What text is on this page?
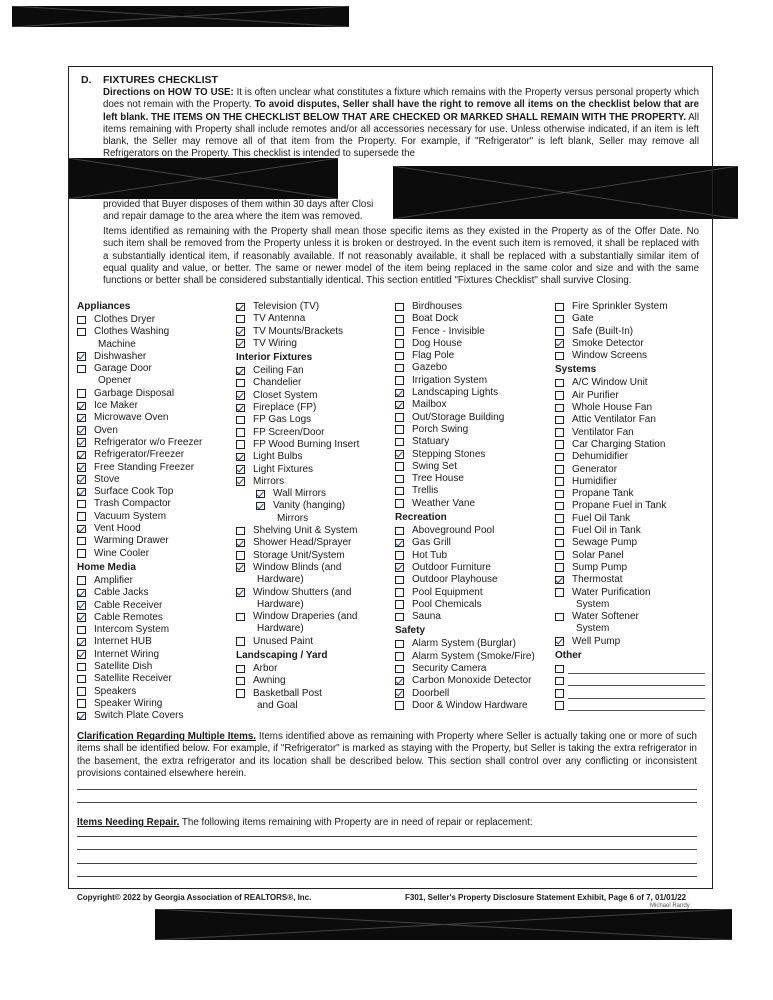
D. FIXTURES CHECKLIST

Directions on HOW TO USE: It is often unclear what constitutes a fixture which remains with the Property versus personal property which does not remain with the Property. To avoid disputes, Seller shall have the right to remove all items on the checklist below that are left blank. THE ITEMS ON THE CHECKLIST BELOW THAT ARE CHECKED OR MARKED SHALL REMAIN WITH THE PROPERTY. All items remaining with Property shall include remotes and/or all accessories necessary for use. Unless otherwise indicated, if an item is left blank, the Seller may remove all of that item from the Property. For example, if "Refrigerator" is left blank, Seller may remove all Refrigerators on the Property. This checklist is intended to supersede the

provided that Buyer disposes of them within 30 days after Closi
and repair damage to the area where the item was removed.

Items identified as remaining with the Property shall mean those specific items as they existed in the Property as of the Offer Date. No such item shall be removed from the Property unless it is broken or destroyed. In the event such item is removed, it shall be replaced with a substantially identical item, if reasonably available. If not reasonably available, it shall be replaced with a substantially similar item of equal quality and value, or better. The same or newer model of the item being replaced in the same color and size and with the same functions or better shall be considered substantially identical. This section entitled "Fixtures Checklist" shall survive Closing.

Appliances
Clothes Dryer
Clothes Washing
Machine
Dishwasher
Garage Door
Opener
Garbage Disposal
Ice Maker
Microwave Oven
Oven
Refrigerator w/o Freezer
Refrigerator/Freezer
Free Standing Freezer
Stove
Surface Cook Top
Trash Compactor
Vacuum System
Vent Hood
Warming Drawer
Wine Cooler
Home Media
Amplifier
Cable Jacks
Cable Receiver
Cable Remotes
Intercom System
Internet HUB
Internet Wiring
Satellite Dish
Satellite Receiver
Speakers
Speaker Wiring
Switch Plate Covers
Television (TV)
TV Antenna
TV Mounts/Brackets
TV Wiring
Interior Fixtures
Ceiling Fan
Chandelier
Closet System
Fireplace (FP)
FP Gas Logs
FP Screen/Door
FP Wood Burning Insert
Light Bulbs
Light Fixtures
Mirrors
Wall Mirrors
Vanity (hanging)
Mirrors
Shelving Unit & System
Shower Head/Sprayer
Storage Unit/System
Window Blinds (and
Hardware)
Window Shutters (and
Hardware)
Window Draperies (and
Hardware)
Unused Paint
Landscaping / Yard
Arbor
Awning
Basketball Post
and Goal
Birdhouses
Boat Dock
Fence - Invisible
Dog House
Flag Pole
Gazebo
Irrigation System
Landscaping Lights
Mailbox
Out/Storage Building
Porch Swing
Statuary
Stepping Stones
Swing Set
Tree House
Trellis
Weather Vane
Recreation
Aboveground Pool
Gas Grill
Hot Tub
Outdoor Furniture
Outdoor Playhouse
Pool Equipment
Pool Chemicals
Sauna
Safety
Alarm System (Burglar)
Alarm System (Smoke/Fire)
Security Camera
Carbon Monoxide Detector
Doorbell
Door & Window Hardware
Fire Sprinkler System
Gate
Safe (Built-In)
Smoke Detector
Window Screens
Systems
A/C Window Unit
Air Purifier
Whole House Fan
Attic Ventilator Fan
Ventilator Fan
Car Charging Station
Dehumidifier
Generator
Humidifier
Propane Tank
Propane Fuel in Tank
Fuel Oil Tank
Fuel Oil in Tank
Sewage Pump
Solar Panel
Sump Pump
Thermostat
Water Purification
System
Water Softener
System
Well Pump
Other

Clarification Regarding Multiple Items. Items identified above as remaining with Property where Seller is actually taking one or more of such items shall be identified below. For example, if "Refrigerator" is marked as staying with the Property, but Seller is taking the extra refrigerator in the basement, the extra refrigerator and its location shall be described below. This section shall control over any conflicting or inconsistent provisions contained elsewhere herein.

Items Needing Repair. The following items remaining with Property are in need of repair or replacement:
Copyright© 2022 by Georgia Association of REALTORS®, Inc.	F301, Seller's Property Disclosure Statement Exhibit, Page 6 of 7, 01/01/22
Michael Randy
